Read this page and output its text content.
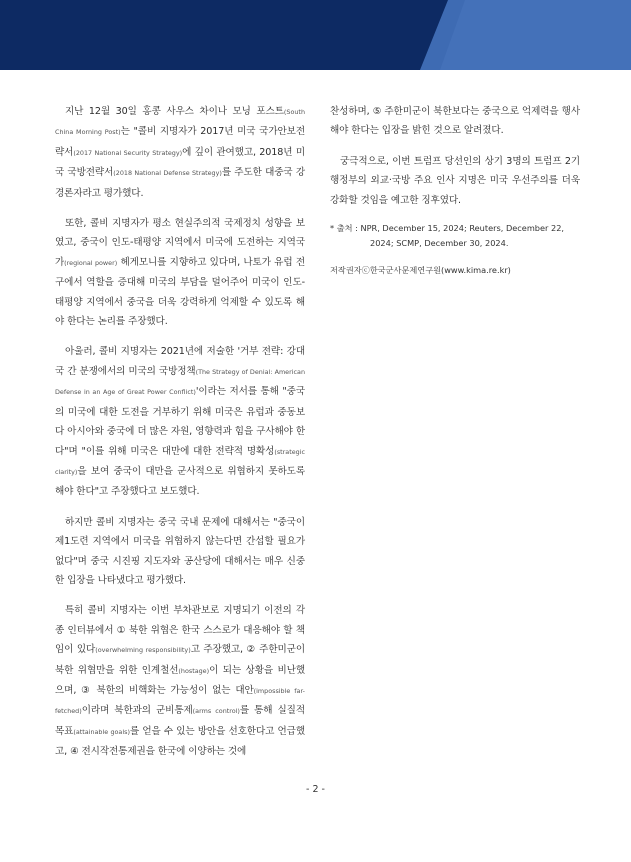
지난 12월 30일 홍콩 사우스 차이나 모닝 포스트(South China Morning Post)는 "콜비 지명자가 2017년 미국 국가안보전략서(2017 National Security Strategy)에 깊이 관여했고, 2018년 미국 국방전략서(2018 National Defense Strategy)를 주도한 대중국 강경론자라고 평가했다.

또한, 콜비 지명자가 평소 현실주의적 국제정치 성향을 보였고, 중국이 인도-태평양 지역에서 미국에 도전하는 지역국가(regional power) 헤게모니를 지향하고 있다며, 나토가 유럽 전구에서 역할을 증대해 미국의 부담을 덜어주어 미국이 인도-태평양 지역에서 중국을 더욱 강력하게 억제할 수 있도록 해야 한다는 논리를 주장했다.

아울러, 콜비 지명자는 2021년에 저술한 '거부 전략: 강대국 간 분쟁에서의 미국의 국방정책(The Strategy of Denial: American Defense in an Age of Great Power Conflict)'이라는 저서를 통해 "중국의 미국에 대한 도전을 거부하기 위해 미국은 유럽과 중동보다 아시아와 중국에 더 많은 자원, 영향력과 힘을 구사해야 한다"며 "이를 위해 미국은 대만에 대한 전략적 명확성(strategic clarity)을 보여 중국이 대만을 군사적으로 위협하지 못하도록 해야 한다"고 주장했다고 보도했다.

하지만 콜비 지명자는 중국 국내 문제에 대해서는 "중국이 제1도련 지역에서 미국을 위협하지 않는다면 간섭할 필요가 없다"며 중국 시진핑 지도자와 공산당에 대해서는 매우 신중한 입장을 나타냈다고 평가했다.

특히 콜비 지명자는 이번 부차관보로 지명되기 이전의 각종 인터뷰에서 ① 북한 위협은 한국 스스로가 대응해야 할 책임이 있다(overwhelming responsibility)고 주장했고, ② 주한미군이 북한 위협만을 위한 인계철선(hostage)이 되는 상황을 비난했으며, ③ 북한의 비핵화는 가능성이 없는 대안(impossible far-fetched)이라며 북한과의 군비통제(arms control)를 통해 실질적 목표(attainable goals)를 얻을 수 있는 방안을 선호한다고 언급했고, ④ 전시작전통제권을 한국에 이양하는 것에

찬성하며, ⑤ 주한미군이 북한보다는 중국으로 억제력을 행사해야 한다는 입장을 밝힌 것으로 알려졌다.

궁극적으로, 이번 트럼프 당선인의 상기 3명의 트럼프 2기 행정부의 외교·국방 주요 인사 지명은 미국 우선주의를 더욱 강화할 것임을 예고한 징후였다.

* 출처 : NPR, December 15, 2024; Reuters, December 22, 2024; SCMP, December 30, 2024.

저작권자ⓒ한국군사문제연구원(www.kima.re.kr)
- 2 -
